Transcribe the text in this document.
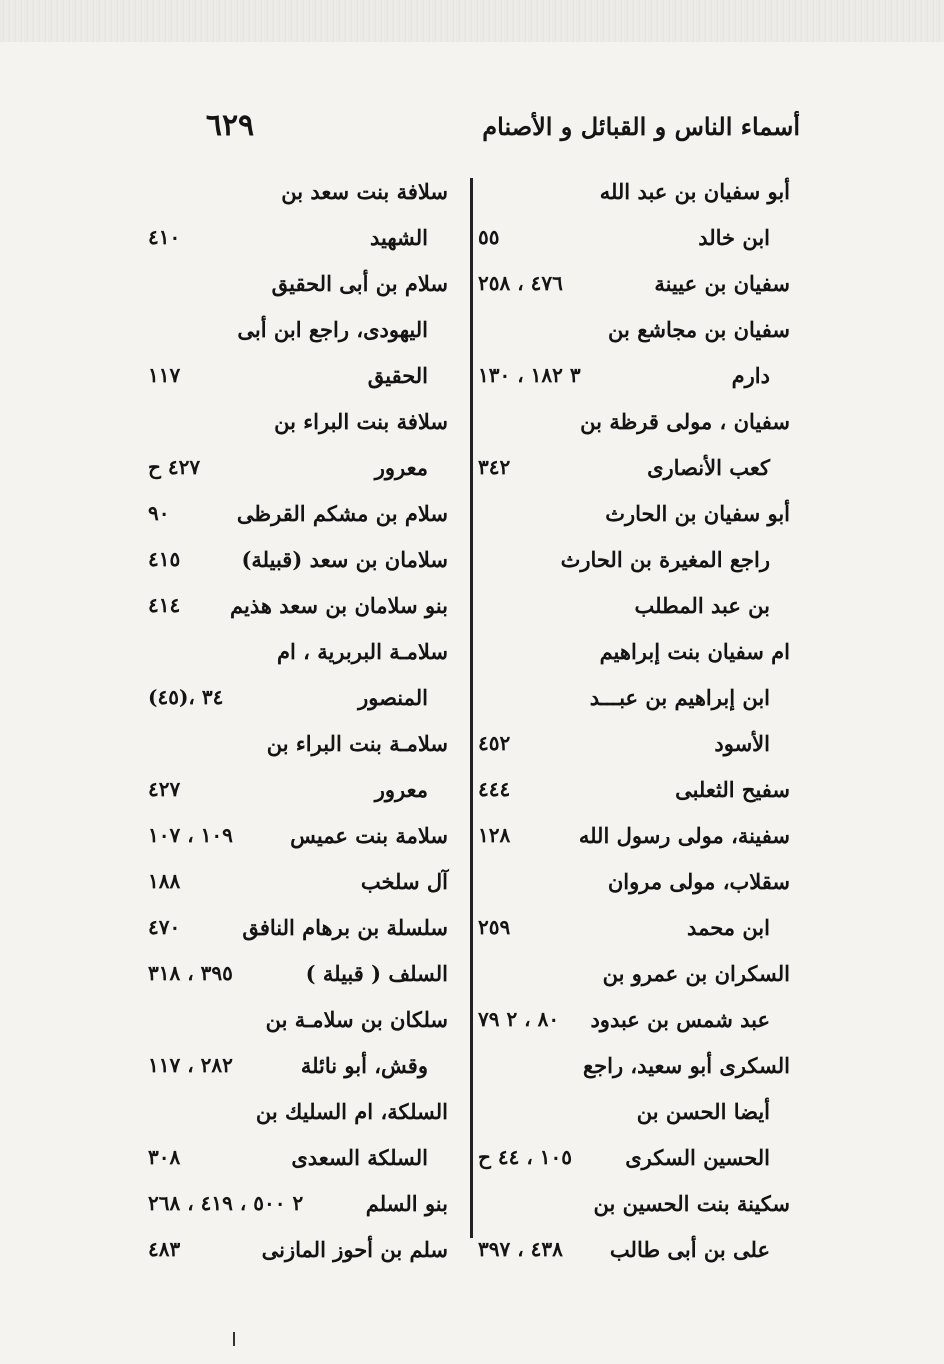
أسماء الناس و القبائل و الأصنام
٦٢٩
أبو سفيان بن عبد الله
ابن خالد
٥٥
سفيان بن عيينة
٤٧٦ ، ٢٥٨
سفيان بن مجاشع بن
دارم
٣ ١٨٢ ، ١٣٠
سفيان ، مولى قرظة بن
كعب الأنصارى
٣٤٢
أبو سفيان بن الحارث
راجع المغيرة بن الحارث
بن عبد المطلب
ام سفيان بنت إبراهيم
ابن إبراهيم بن عبـــد
الأسود
٤٥٢
سفيح الثعلبى
٤٤٤
سفينة، مولى رسول الله
١٢٨
سقلاب، مولى مروان
ابن محمد
٢٥٩
السكران بن عمرو بن
عبد شمس بن عبدود
٨٠ ، ٢ ٧٩
السكرى أبو سعيد، راجع
أيضا الحسن بن
الحسين السكرى
١٠٥ ، ٤٤ ح
سكينة بنت الحسين بن
على بن أبى طالب
٤٣٨ ، ٣٩٧
سلافة بنت سعد بن
الشهيد
٤١٠
سلام بن أبى الحقيق
اليهودى، راجع ابن أبى
الحقيق
١١٧
سلافة بنت البراء بن
معرور
٤٢٧ ح
سلام بن مشكم القرظى
٩٠
سلامان بن سعد (قبيلة)
٤١٥
بنو سلامان بن سعد هذيم
٤١٤
سلامـة البربرية ، ام
المنصور
(٤٥)، ٣٤
سلامـة بنت البراء بن
معرور
٤٢٧
سلامة بنت عميس
١٠٩ ، ١٠٧
آل سلخب
١٨٨
سلسلة بن برهام النافق
٤٧٠
السلف ( قبيلة )
٣٩٥ ، ٣١٨
سلكان بن سلامـة بن
وقش، أبو نائلة
٢٨٢ ، ١١٧
السلكة، ام السليك بن
السلكة السعدى
٣٠٨
بنو السلم
٢ ٥٠٠ ، ٤١٩ ، ٢٦٨
سلم بن أحوز المازنى
٤٨٣
